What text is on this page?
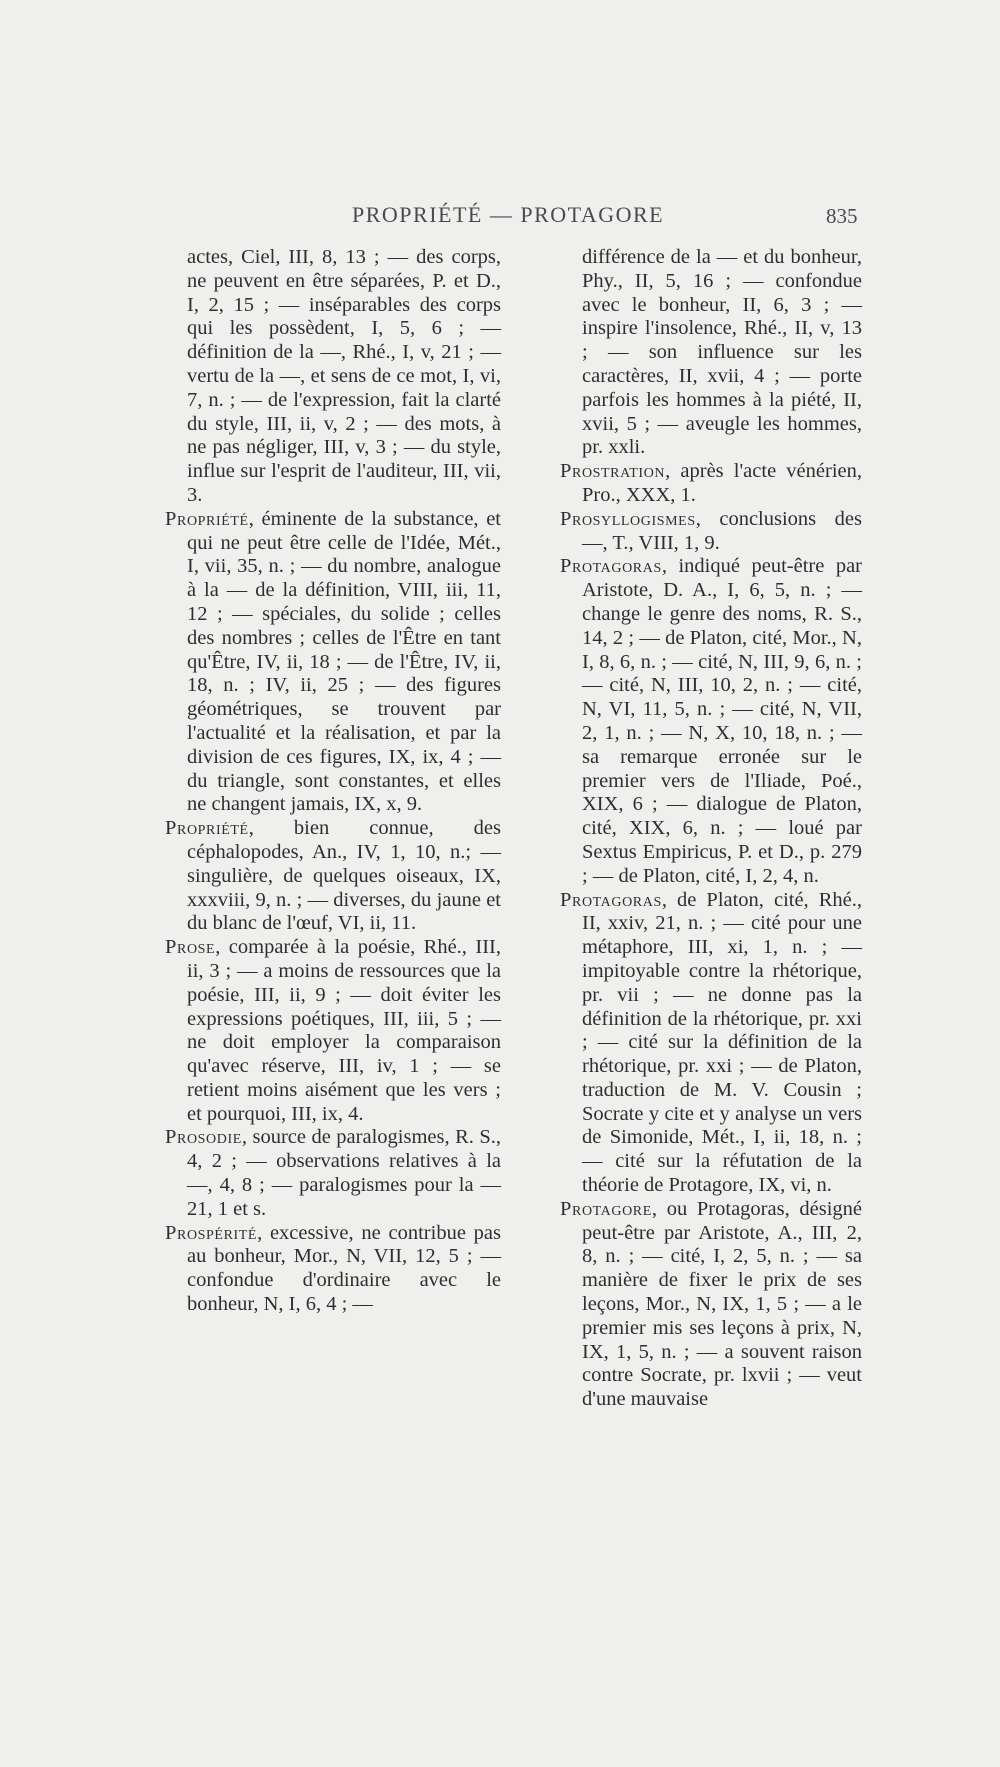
PROPRIÉTÉ — PROTAGORE	835

actes, Ciel, III, 8, 13 ; — des corps, ne peuvent en être séparées, P. et D., I, 2, 15 ; — inséparables des corps qui les possèdent, I, 5, 6 ; — définition de la —, Rhé., I, v, 21 ; — vertu de la —, et sens de ce mot, I, vi, 7, n. ; — de l'expression, fait la clarté du style, III, ii, v, 2 ; — des mots, à ne pas négliger, III, v, 3 ; — du style, influe sur l'esprit de l'auditeur, III, vii, 3.

Propriété, éminente de la substance, et qui ne peut être celle de l'Idée, Mét., I, vii, 35, n. ; — du nombre, analogue à la — de la définition, VIII, iii, 11, 12 ; — spéciales, du solide ; celles des nombres ; celles de l'Être en tant qu'Être, IV, ii, 18 ; — de l'Être, IV, ii, 18, n. ; IV, ii, 25 ; — des figures géométriques, se trouvent par l'actualité et la réalisation, et par la division de ces figures, IX, ix, 4 ; — du triangle, sont constantes, et elles ne changent jamais, IX, x, 9.

Propriété, bien connue, des céphalopodes, An., IV, 1, 10, n.; — singulière, de quelques oiseaux, IX, xxxviii, 9, n. ; — diverses, du jaune et du blanc de l'œuf, VI, ii, 11.

Prose, comparée à la poésie, Rhé., III, ii, 3 ; — a moins de ressources que la poésie, III, ii, 9 ; — doit éviter les expressions poétiques, III, iii, 5 ; — ne doit employer la comparaison qu'avec réserve, III, iv, 1 ; — se retient moins aisément que les vers ; et pourquoi, III, ix, 4.

Prosodie, source de paralogismes, R. S., 4, 2 ; — observations relatives à la —, 4, 8 ; — paralogismes pour la — 21, 1 et s.

Prospérité, excessive, ne contribue pas au bonheur, Mor., N, VII, 12, 5 ; — confondue d'ordinaire avec le bonheur, N, I, 6, 4 ; —

différence de la — et du bonheur, Phy., II, 5, 16 ; — confondue avec le bonheur, II, 6, 3 ; — inspire l'insolence, Rhé., II, v, 13 ; — son influence sur les caractères, II, xvii, 4 ; — porte parfois les hommes à la piété, II, xvii, 5 ; — aveugle les hommes, pr. xxli.

Prostration, après l'acte vénérien, Pro., XXX, 1.

Prosyllogismes, conclusions des —, T., VIII, 1, 9.

Protagoras, indiqué peut-être par Aristote, D. A., I, 6, 5, n. ; — change le genre des noms, R. S., 14, 2 ; — de Platon, cité, Mor., N, I, 8, 6, n. ; — cité, N, III, 9, 6, n. ; — cité, N, III, 10, 2, n. ; — cité, N, VI, 11, 5, n. ; — cité, N, VII, 2, 1, n. ; — N, X, 10, 18, n. ; — sa remarque erronée sur le premier vers de l'Iliade, Poé., XIX, 6 ; — dialogue de Platon, cité, XIX, 6, n. ; — loué par Sextus Empiricus, P. et D., p. 279 ; — de Platon, cité, I, 2, 4, n.

Protagoras, de Platon, cité, Rhé., II, xxiv, 21, n. ; — cité pour une métaphore, III, xi, 1, n. ; — impitoyable contre la rhétorique, pr. vii ; — ne donne pas la définition de la rhétorique, pr. xxi ; — cité sur la définition de la rhétorique, pr. xxi ; — de Platon, traduction de M. V. Cousin ; Socrate y cite et y analyse un vers de Simonide, Mét., I, ii, 18, n. ; — cité sur la réfutation de la théorie de Protagore, IX, vi, n.

Protagore, ou Protagoras, désigné peut-être par Aristote, A., III, 2, 8, n. ; — cité, I, 2, 5, n. ; — sa manière de fixer le prix de ses leçons, Mor., N, IX, 1, 5 ; — a le premier mis ses leçons à prix, N, IX, 1, 5, n. ; — a souvent raison contre Socrate, pr. lxvii ; — veut d'une mauvaise
